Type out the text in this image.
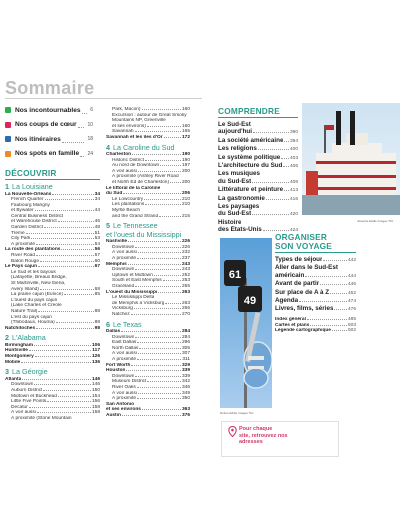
Sommaire
Nos incontournables 6
Nos coups de cœur 10
Nos itinéraires	18
Nos spots en famille 24
DÉCOUVRIR
1 La Louisiane
La Nouvelle-Orléans	34
French Quarter	34
Faubourg Marigny
et Bywater	44
Central Business District
et Warehouse District	46
Garden District	48
Tremé	51
City Park	53
À proximité	54
La route des plantations	56
River Road	57
Baton Rouge	60
Le Pays cajun	67
Le Sud et les bayous
(Lafayette, Breaux Bridge,
St Martinville, New Iberia,
Avery Island)	68
La prairie cajun (Eunice)	85
L'ouest du pays cajun
(Lake Charles et Creole
Nature Trail)	88
L'est du pays cajun
(Thibodaux, Houma)	88
Natchitoches	98
2 L'Alabama
Birmingham	106
Huntsville	117
Montgomery	126
Mobile	136
3 La Géorgie
Atlanta	146
Downtown	146
Auburn District	150
Midtown et Buckhead	154
Little Five Points	156
Decatur	158
À voir aussi	158
À proximité (Stone Mountain
Park, Macon)	160
Excursion : autour de Great Smoky
Mountains NP, Greenville
et ses environs)	160
Savannah	165
Savannah et les îles d'Or	172
4 La Caroline du Sud
Charleston	190
Historic District	190
Au nord de Downtown	197
À voir aussi	200
À proximité (Ashley River Road
et North Ed de Charleston)	200
Le littoral de la Caroline
du Sud	206
Le Lowcountry	210
Les plantations	210
Myrtle Beach
and the Grand Strand	215
5 Le Tennessee
et l'ouest du Mississippi
Nashville	226
Downtown	226
À voir aussi	232
À proximité	237
Memphis	243
Downtown	243
Uptown et Midtown	252
South et East Memphis	253
Graceland	255
L'ouest du Mississippi	263
Le Mississippi Delta
de Memphis à Vicksburg	263
Vicksburg	266
Natchez	270
6 Le Texas
Dallas	284
Downtown	284
East Dallas	296
North Dallas	305
À voir aussi	307
À proximité	311
Fort Worth	329
Houston	339
Downtown	339
Museum District	342
River Oaks	346
À voir aussi	349
À proximité	350
San Antonio
et ses environs	363
Austin	376
COMPRENDRE
Le Sud-Est
aujourd'hui	390
La société américaine 394
Les religions	400
Le système politique 403
L'architecture du Sud 406
Les musiques
du Sud-Est	408
Littérature et peinture 413
La gastronomie	416
Les paysages
du Sud-Est	420
Histoire
des États-Unis	424
ORGANISER
SON VOYAGE
Types de séjour	442
Aller dans le Sud-Est
américain	444
Avant de partir	446
Sur place de A à Z	452
Agenda	474
Livres, films, séries	476
Index général	485
Cartes et plans	503
Légende cartographique	502
Josephe Eddie Images Tbc
61
49
Dolors Eddie Images Tbc
Pour chaque
site, retrouvez nos
adresses
